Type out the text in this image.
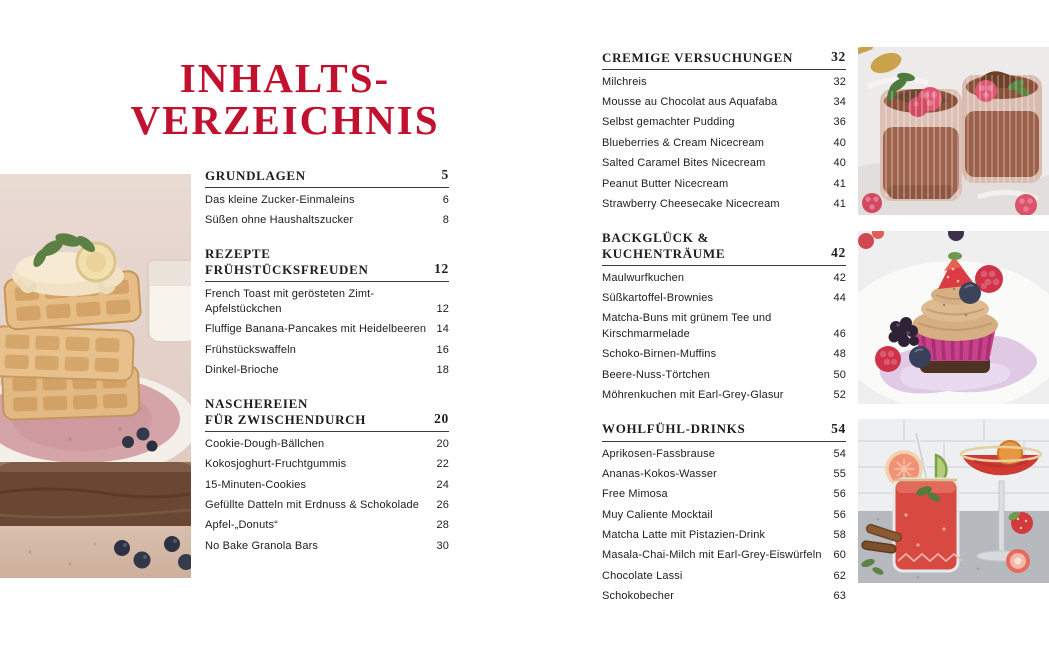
INHALTS-
VERZEICHNIS
GRUNDLAGEN	5
Das kleine Zucker-Einmaleins	6
Süßen ohne Haushaltszucker	8
REZEPTE
FRÜHSTÜCKSFREUDEN	12
French Toast mit gerösteten Zimt-Apfelstückchen	12
Fluffige Banana-Pancakes mit Heidelbeeren 14
Frühstückswaffeln	16
Dinkel-Brioche	18
NASCHEREIEN
FÜR ZWISCHENDURCH	20
Cookie-Dough-Bällchen	20
Kokosjoghurt-Fruchtgummis	22
15-Minuten-Cookies	24
Gefüllte Datteln mit Erdnuss & Schokolade	26
Apfel-„Donuts“	28
No Bake Granola Bars	30
CREMIGE VERSUCHUNGEN	32
Milchreis	32
Mousse au Chocolat aus Aquafaba	34
Selbst gemachter Pudding	36
Blueberries & Cream Nicecream	40
Salted Caramel Bites Nicecream	40
Peanut Butter Nicecream	41
Strawberry Cheesecake Nicecream	41
BACKGLÜCK & KUCHENTRÄUME	42
Maulwurfkuchen	42
Süßkartoffel-Brownies	44
Matcha-Buns mit grünem Tee und Kirschmarmelade	46
Schoko-Birnen-Muffins	48
Beere-Nuss-Törtchen	50
Möhrenkuchen mit Earl-Grey-Glasur	52
WOHLFÜHL-DRINKS	54
Aprikosen-Fassbrause	54
Ananas-Kokos-Wasser	55
Free Mimosa	56
Muy Caliente Mocktail	56
Matcha Latte mit Pistazien-Drink	58
Masala-Chai-Milch mit Earl-Grey-Eiswürfeln	60
Chocolate Lassi	62
Schokobecher	63
